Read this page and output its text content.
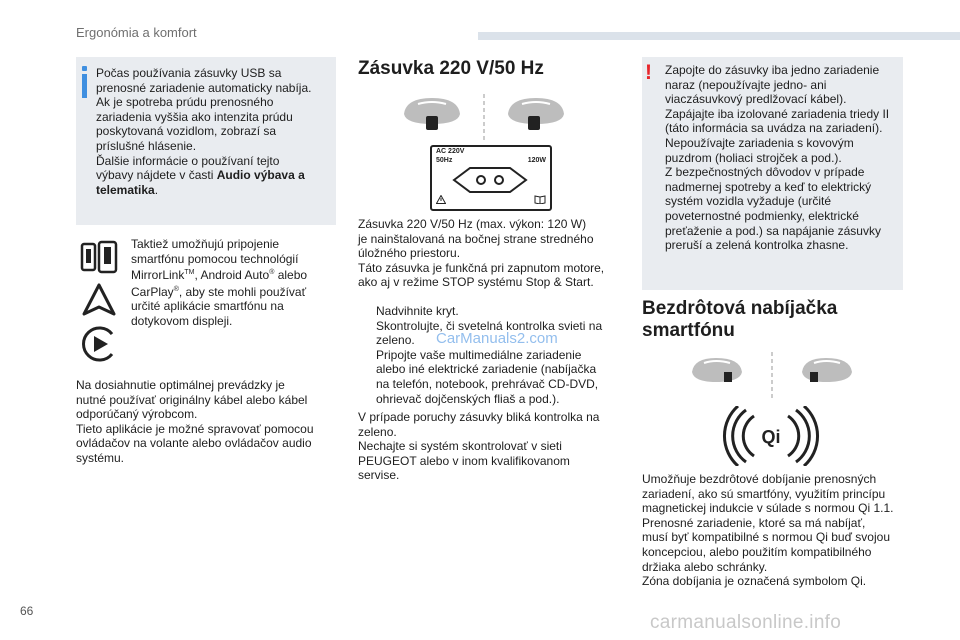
Ergonómia a komfort
Počas používania zásuvky USB sa
prenosné zariadenie automaticky nabíja.
Ak je spotreba prúdu prenosného
zariadenia vyššia ako intenzita prúdu
poskytovaná vozidlom, zobrazí sa
príslušné hlásenie.
Ďalšie informácie o používaní tejto
výbavy nájdete v časti Audio výbava a
telematika.
Taktiež umožňujú pripojenie
smartfónu pomocou technológií
MirrorLink™, Android Auto® alebo
CarPlay®, aby ste mohli používať
určité aplikácie smartfónu na
dotykovom displeji.
Na dosiahnutie optimálnej prevádzky je
nutné používať originálny kábel alebo kábel
odporúčaný výrobcom.
Tieto aplikácie je možné spravovať pomocou
ovládačov na volante alebo ovládačov audio
systému.
Zásuvka 220 V/50 Hz
AC 220V
50Hz	120W
Zásuvka 220 V/50 Hz (max. výkon: 120 W)
je nainštalovaná na bočnej strane stredného
úložného priestoru.
Táto zásuvka je funkčná pri zapnutom motore,
ako aj v režime STOP systému Stop & Start.
Nadvihnite kryt.
Skontrolujte, či svetelná kontrolka svieti na
zeleno.
Pripojte vaše multimediálne zariadenie
alebo iné elektrické zariadenie (nabíjačka
na telefón, notebook, prehrávač CD-DVD,
ohrievač dojčenských fliaš a pod.).
V prípade poruchy zásuvky bliká kontrolka na
zeleno.
Nechajte si systém skontrolovať v sieti
PEUGEOT alebo v inom kvalifikovanom
servise.
! Zapojte do zásuvky iba jedno zariadenie
naraz (nepoužívajte jedno- ani
viaczásuvkový predlžovací kábel).
Zapájajte iba izolované zariadenia triedy II
(táto informácia sa uvádza na zariadení).
Nepoužívajte zariadenia s kovovým
puzdrom (holiaci strojček a pod.).
Z bezpečnostných dôvodov v prípade
nadmernej spotreby a keď to elektrický
systém vozidla vyžaduje (určité
poveternostné podmienky, elektrické
preťaženie a pod.) sa napájanie zásuvky
preruší a zelená kontrolka zhasne.
Bezdrôtová nabíjačka
smartfónu
Qi
Umožňuje bezdrôtové dobíjanie prenosných
zariadení, ako sú smartfóny, využitím princípu
magnetickej indukcie v súlade s normou Qi 1.1.
Prenosné zariadenie, ktoré sa má nabíjať,
musí byť kompatibilné s normou Qi buď svojou
koncepciou, alebo použitím kompatibilného
držiaka alebo schránky.
Zóna dobíjania je označená symbolom Qi.
CarManuals2.com
66
carmanualsonline.info
